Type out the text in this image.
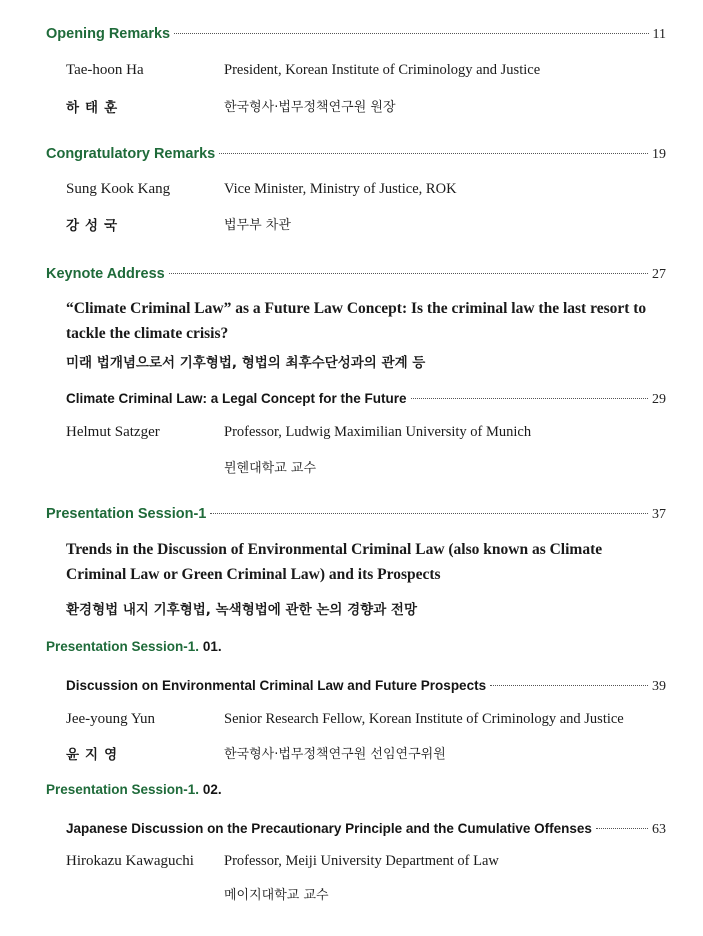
Opening Remarks	11
Tae-hoon Ha	President, Korean Institute of Criminology and Justice
하태훈	한국형사·법무정책연구원 원장
Congratulatory Remarks	19
Sung Kook Kang	Vice Minister, Ministry of Justice, ROK
강성국	법무부 차관
Keynote Address	27
“Climate Criminal Law” as a Future Law Concept: Is the criminal law the last resort to tackle the climate crisis?
미래 법개념으로서 기후형법, 형법의 최후수단성과의 관계 등
Climate Criminal Law: a Legal Concept for the Future	29
Helmut Satzger	Professor, Ludwig Maximilian University of Munich
뮌헨대학교 교수
Presentation Session-1	37
Trends in the Discussion of Environmental Criminal Law (also known as Climate Criminal Law or Green Criminal Law) and its Prospects
환경형법 내지 기후형법, 녹색형법에 관한 논의 경향과 전망
Presentation Session-1. 01.
Discussion on Environmental Criminal Law and Future Prospects	39
Jee-young Yun	Senior Research Fellow, Korean Institute of Criminology and Justice
윤지영	한국형사·법무정책연구원 선임연구위원
Presentation Session-1. 02.
Japanese Discussion on the Precautionary Principle and the Cumulative Offenses	63
Hirokazu Kawaguchi Professor, Meiji University Department of Law
메이지대학교 교수
